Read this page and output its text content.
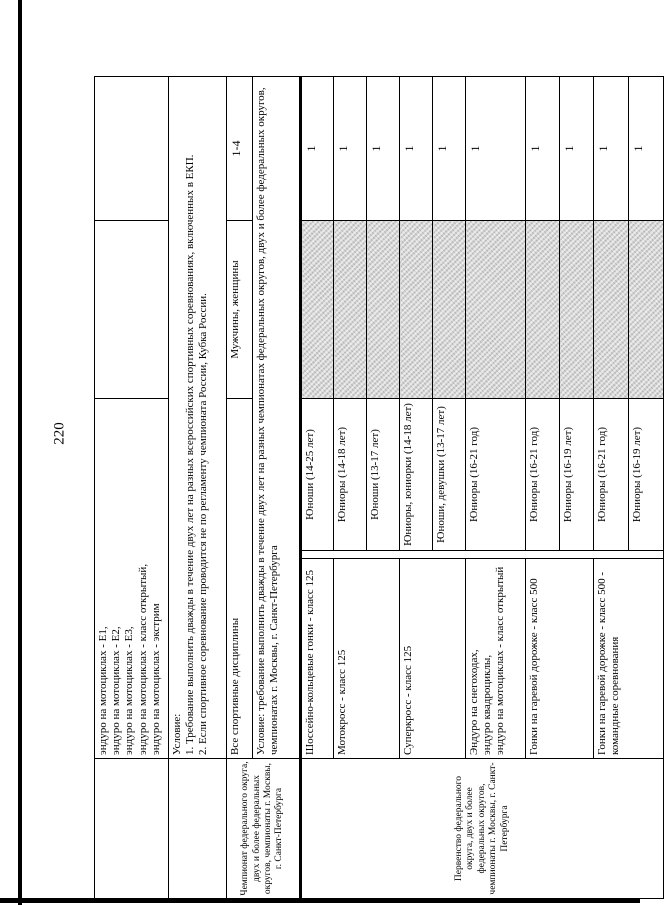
220

	эндуро на мотоциклах - Е1, эндуро на мотоциклах - Е2, эндуро на мотоциклах - Е3, эндуро на мотоциклах - класс открытый, эндуро на мотоциклах - экстрим				

	Условие: 1. Требование выполнить дважды в течение двух лет на разных всероссийских спортивных соревнованиях, включенных в ЕКП. 2. Если спортивное соревнование проводится не по регламенту чемпионата России, Кубка России.				

Чемпионат федерального округа, двух и более федеральных округов, чемпионаты г. Москвы, г. Санкт-Петербурга	Все спортивные дисциплины			Мужчины, женщины	1-4
	Условие: требование выполнить дважды в течение двух лет на разных чемпионатах федеральных округов, двух и более федеральных округов, чемпионатах г. Москвы, г. Санкт-Петербурга				
Первенство федерального округа, двух и более федеральных округов, чемпионаты г. Москвы, г. Санкт-Петербурга	Шоссейно-кольцевые гонки - класс 125		Юноши (14-25 лет)		1
	Мотокросс - класс 125		Юниоры (14-18 лет)		1
			Юноши (13-17 лет)		1
	Суперкросс - класс 125		Юниоры, юниорки (14-18 лет)		1
			Юноши, девушки (13-17 лет)		1

	Эндуро на снегоходах, эндуро квадроциклы, эндуро на мотоциклах - класс открытый		Юниоры (16-21 год)		1
	Гонки на гаревой дорожке - класс 500		Юниоры (16-21 год)		1
			Юниоры (16-19 лет)		1
	Гонки на гаревой дорожке - класс 500 - командные соревнования		Юниоры (16-21 год)		1
			Юниоры (16-19 лет)		1
